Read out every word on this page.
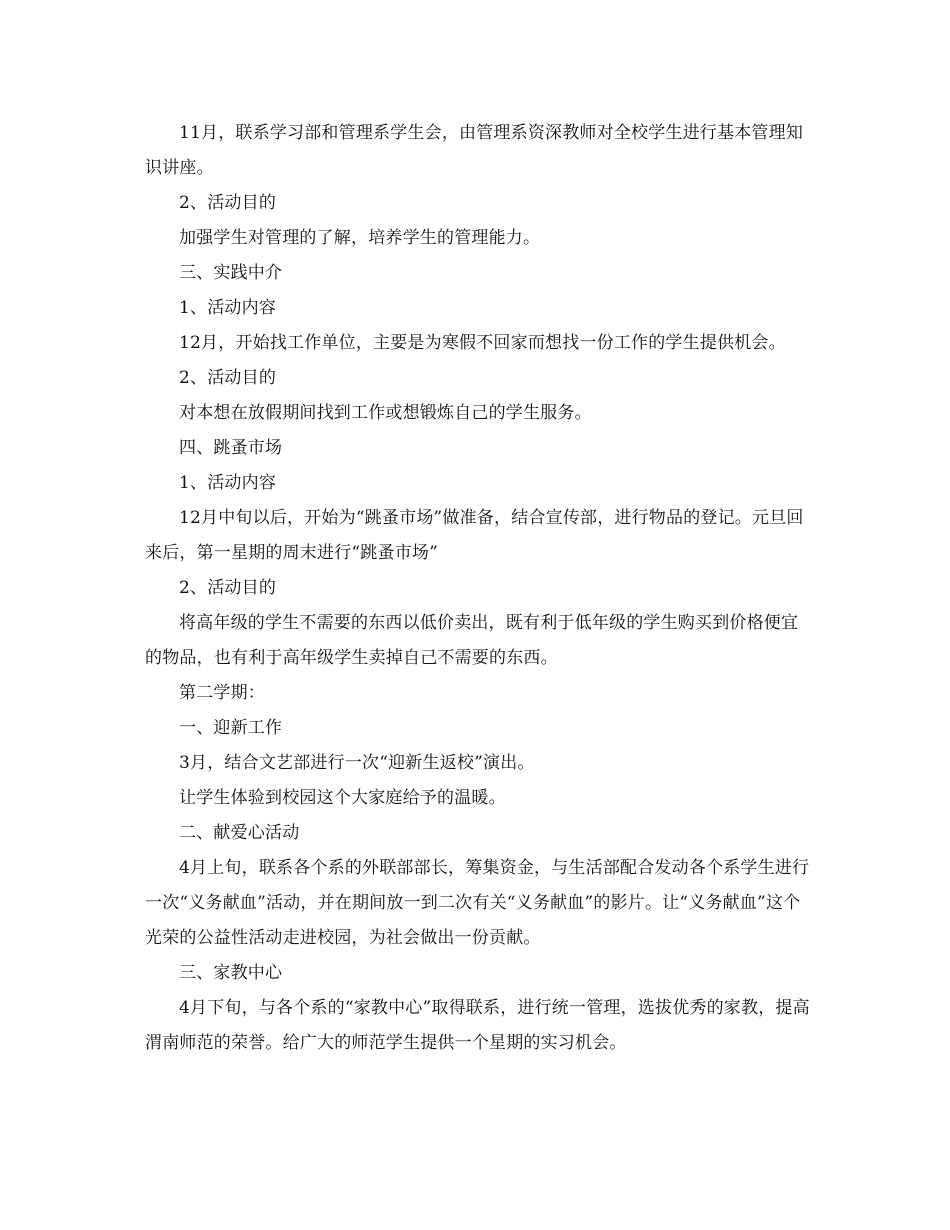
11月，联系学习部和管理系学生会，由管理系资深教师对全校学生进行基本管理知识讲座。

2、活动目的

加强学生对管理的了解，培养学生的管理能力。

三、实践中介

1、活动内容

12月，开始找工作单位，主要是为寒假不回家而想找一份工作的学生提供机会。

2、活动目的

对本想在放假期间找到工作或想锻炼自己的学生服务。

四、跳蚤市场

1、活动内容

12月中旬以后，开始为“跳蚤市场”做准备，结合宣传部，进行物品的登记。元旦回来后，第一星期的周末进行“跳蚤市场”

2、活动目的

将高年级的学生不需要的东西以低价卖出，既有利于低年级的学生购买到价格便宜的物品，也有利于高年级学生卖掉自己不需要的东西。

第二学期：

一、迎新工作

3月，结合文艺部进行一次“迎新生返校”演出。

让学生体验到校园这个大家庭给予的温暖。

二、献爱心活动

4月上旬，联系各个系的外联部部长，筹集资金，与生活部配合发动各个系学生进行一次“义务献血”活动，并在期间放一到二次有关“义务献血”的影片。让“义务献血”这个光荣的公益性活动走进校园，为社会做出一份贡献。

三、家教中心

4月下旬，与各个系的“家教中心”取得联系，进行统一管理，选拔优秀的家教，提高渭南师范的荣誉。给广大的师范学生提供一个星期的实习机会。
